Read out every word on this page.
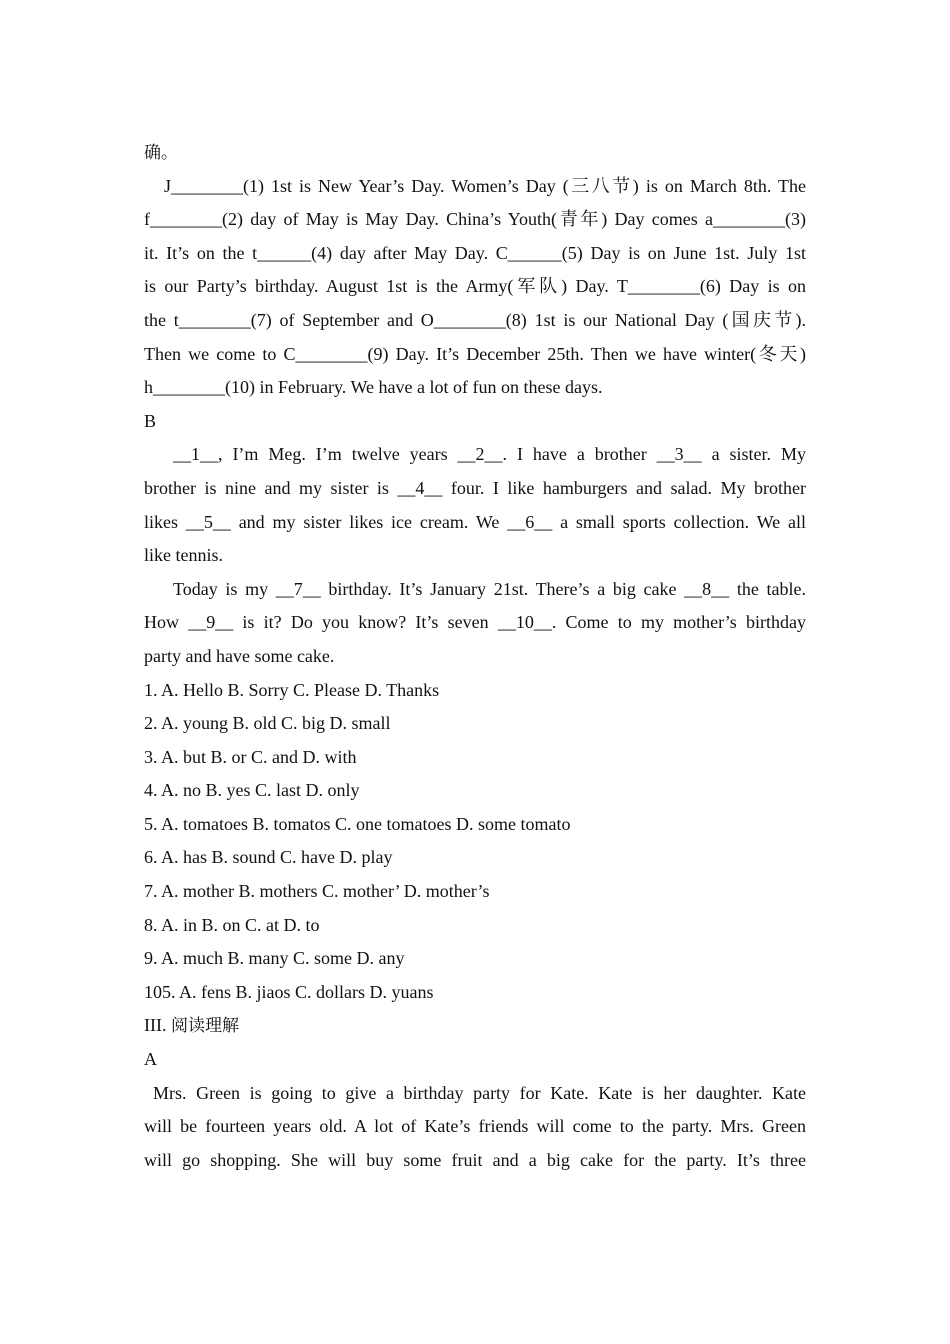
确。
J________(1) 1st is New Year’s Day. Women’s Day (三八节) is on March 8th. The
f________(2) day of May is May Day. China’s Youth(青年) Day comes a________(3)
it. It’s on the t______(4) day after May Day. C______(5) Day is on June 1st. July 1st
is our Party’s birthday. August 1st is the Army(军队) Day. T________(6) Day is on
the t________(7) of September and O________(8) 1st is our National Day (国庆节).
Then we come to C________(9) Day. It’s December 25th. Then we have winter(冬天)
h________(10) in February. We have a lot of fun on these days.
B
__1__, I’m Meg. I’m twelve years __2__. I have a brother __3__ a sister. My
brother is nine and my sister is __4__ four. I like hamburgers and salad. My brother
likes __5__ and my sister likes ice cream. We __6__ a small sports collection. We all
like tennis.
Today is my __7__ birthday. It’s January 21st. There’s a big cake __8__ the table.
How __9__ is it? Do you know? It’s seven __10__. Come to my mother’s birthday
party and have some cake.
1. A. Hello B. Sorry C. Please D. Thanks
2. A. young B. old C. big D. small
3. A. but B. or C. and D. with
4. A. no B. yes C. last D. only
5. A. tomatoes B. tomatos C. one tomatoes D. some tomato
6. A. has B. sound C. have D. play
7. A. mother B. mothers C. mother’ D. mother’s
8. A. in B. on C. at D. to
9. A. much B. many C. some D. any
105. A. fens B. jiaos C. dollars D. yuans
III. 阅读理解
A
Mrs. Green is going to give a birthday party for Kate. Kate is her daughter. Kate
will be fourteen years old. A lot of Kate’s friends will come to the party. Mrs. Green
will go shopping. She will buy some fruit and a big cake for the party. It’s three
